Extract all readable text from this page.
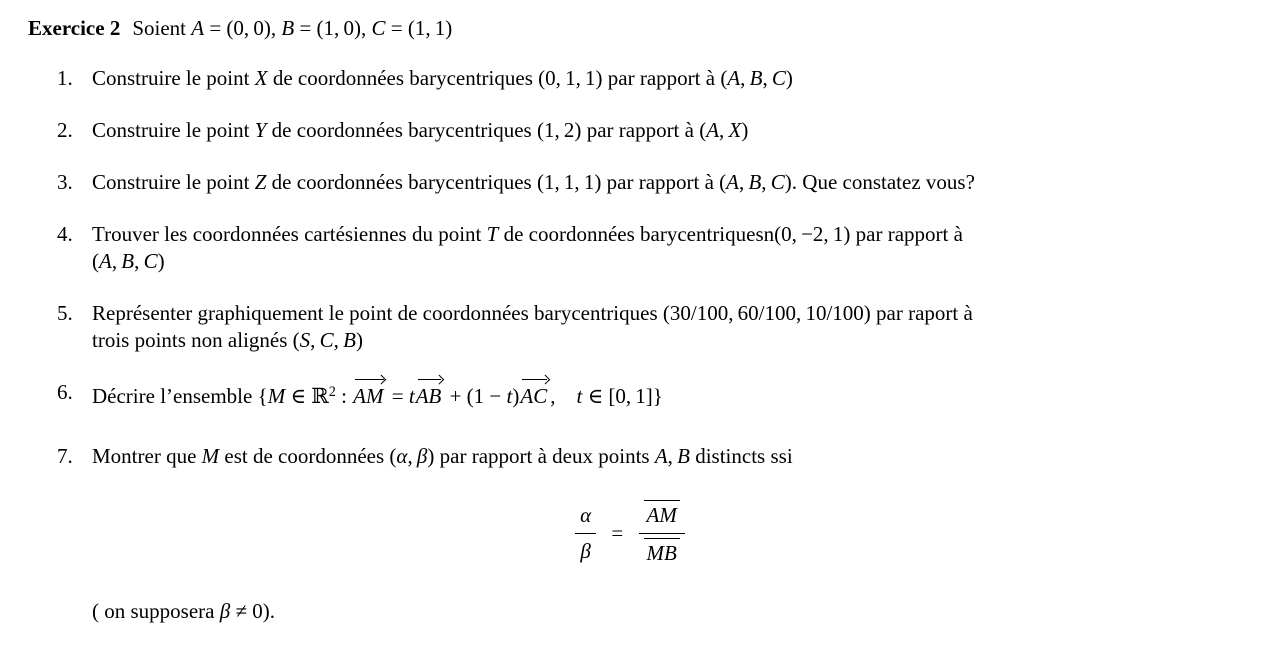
Exercice 2 Soient A = (0, 0), B = (1, 0), C = (1, 1)
1. Construire le point X de coordonnées barycentriques (0, 1, 1) par rapport à (A, B, C)
2. Construire le point Y de coordonnées barycentriques (1, 2) par rapport à (A, X)
3. Construire le point Z de coordonnées barycentriques (1, 1, 1) par rapport à (A, B, C). Que constatez vous?
4. Trouver les coordonnées cartésiennes du point T de coordonnées barycentriquesn(0, −2, 1) par rapport à
(A, B, C)
5. Représenter graphiquement le point de coordonnées barycentriques (30/100, 60/100, 10/100) par raport à
trois points non alignés (S, C, B)
6. Décrire l’ensemble {M ∈ ℝ$^2$ : AM = tAB + (1 − t)AC , t ∈ [0, 1]}
7. Montrer que M est de coordonnées (α, β) par rapport à deux points A, B distincts ssi
$\frac{\alpha}{\beta} = \frac{AM}{MB}$
( on supposera β ≠ 0).
